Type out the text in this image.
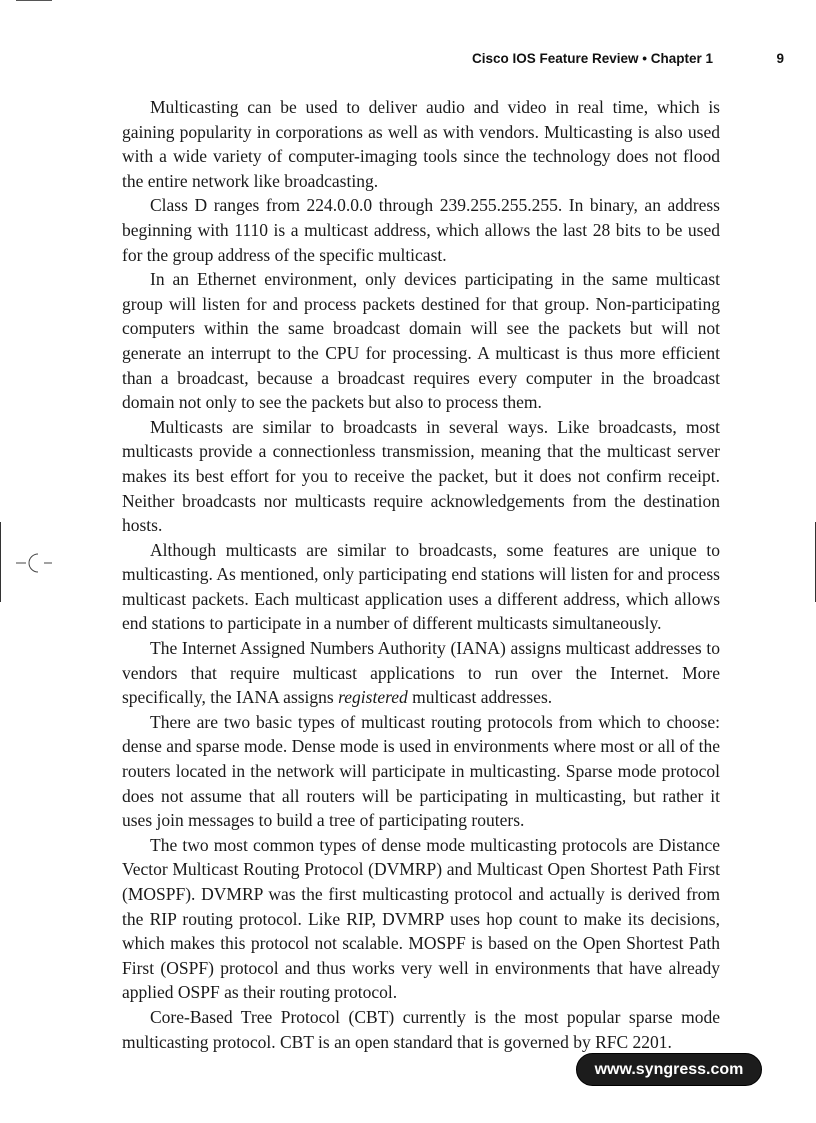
Cisco IOS Feature Review • Chapter 1	9

Multicasting can be used to deliver audio and video in real time, which is gaining popularity in corporations as well as with vendors. Multicasting is also used with a wide variety of computer-imaging tools since the technology does not flood the entire network like broadcasting.

Class D ranges from 224.0.0.0 through 239.255.255.255. In binary, an address beginning with 1110 is a multicast address, which allows the last 28 bits to be used for the group address of the specific multicast.

In an Ethernet environment, only devices participating in the same multicast group will listen for and process packets destined for that group. Non-participating computers within the same broadcast domain will see the packets but will not generate an interrupt to the CPU for processing. A multicast is thus more efficient than a broadcast, because a broadcast requires every computer in the broadcast domain not only to see the packets but also to process them.

Multicasts are similar to broadcasts in several ways. Like broadcasts, most multicasts provide a connectionless transmission, meaning that the multicast server makes its best effort for you to receive the packet, but it does not confirm receipt. Neither broadcasts nor multicasts require acknowledgements from the destination hosts.

Although multicasts are similar to broadcasts, some features are unique to multicasting. As mentioned, only participating end stations will listen for and process multicast packets. Each multicast application uses a different address, which allows end stations to participate in a number of different multicasts simultaneously.

The Internet Assigned Numbers Authority (IANA) assigns multicast addresses to vendors that require multicast applications to run over the Internet. More specifically, the IANA assigns registered multicast addresses.

There are two basic types of multicast routing protocols from which to choose: dense and sparse mode. Dense mode is used in environments where most or all of the routers located in the network will participate in multicasting. Sparse mode protocol does not assume that all routers will be participating in multicasting, but rather it uses join messages to build a tree of participating routers.

The two most common types of dense mode multicasting protocols are Distance Vector Multicast Routing Protocol (DVMRP) and Multicast Open Shortest Path First (MOSPF). DVMRP was the first multicasting protocol and actually is derived from the RIP routing protocol. Like RIP, DVMRP uses hop count to make its decisions, which makes this protocol not scalable. MOSPF is based on the Open Shortest Path First (OSPF) protocol and thus works very well in environments that have already applied OSPF as their routing protocol.

Core-Based Tree Protocol (CBT) currently is the most popular sparse mode multicasting protocol. CBT is an open standard that is governed by RFC 2201.

www.syngress.com
